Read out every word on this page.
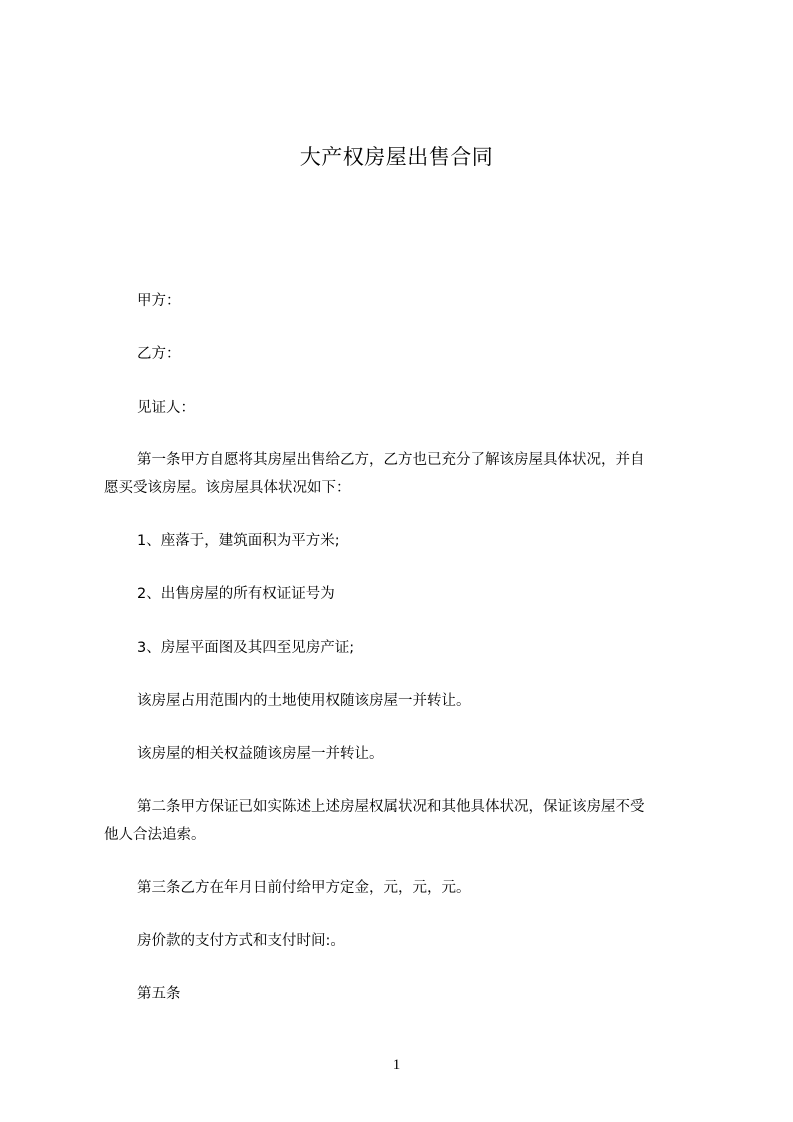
大产权房屋出售合同
甲方：
乙方：
见证人：
第一条甲方自愿将其房屋出售给乙方，乙方也已充分了解该房屋具体状况，并自
愿买受该房屋。该房屋具体状况如下：
1、座落于，建筑面积为平方米;
2、出售房屋的所有权证证号为
3、房屋平面图及其四至见房产证;
该房屋占用范围内的土地使用权随该房屋一并转让。
该房屋的相关权益随该房屋一并转让。
第二条甲方保证已如实陈述上述房屋权属状况和其他具体状况，保证该房屋不受
他人合法追索。
第三条乙方在年月日前付给甲方定金，元，元，元。
房价款的支付方式和支付时间:。
第五条
1
